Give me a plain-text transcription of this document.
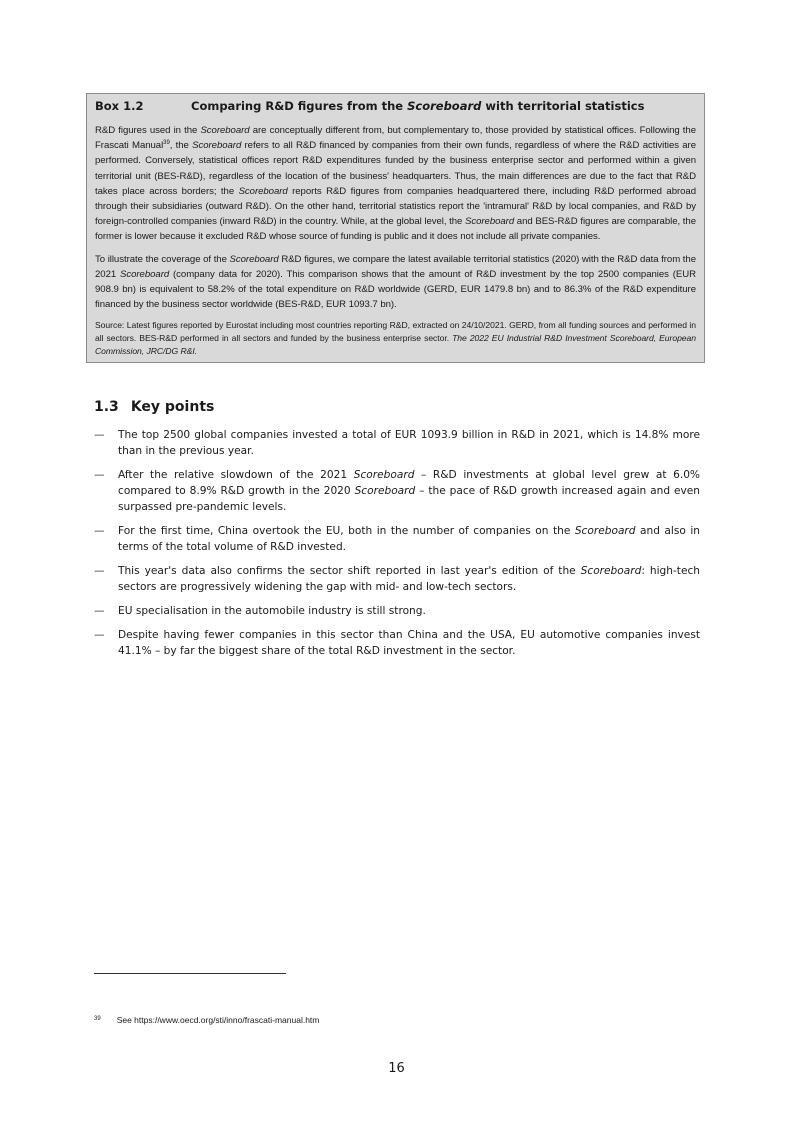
Box 1.2	Comparing R&D figures from the Scoreboard with territorial statistics

R&D figures used in the Scoreboard are conceptually different from, but complementary to, those provided by statistical offices. Following the Frascati Manual$^{39}$, the Scoreboard refers to all R&D financed by companies from their own funds, regardless of where the R&D activities are performed. Conversely, statistical offices report R&D expenditures funded by the business enterprise sector and performed within a given territorial unit (BES-R&D), regardless of the location of the business' headquarters. Thus, the main differences are due to the fact that R&D takes place across borders; the Scoreboard reports R&D figures from companies headquartered there, including R&D performed abroad through their subsidiaries (outward R&D). On the other hand, territorial statistics report the 'intramural' R&D by local companies, and R&D by foreign-controlled companies (inward R&D) in the country. While, at the global level, the Scoreboard and BES-R&D figures are comparable, the former is lower because it excluded R&D whose source of funding is public and it does not include all private companies.

To illustrate the coverage of the Scoreboard R&D figures, we compare the latest available territorial statistics (2020) with the R&D data from the 2021 Scoreboard (company data for 2020). This comparison shows that the amount of R&D investment by the top 2500 companies (EUR 908.9 bn) is equivalent to 58.2% of the total expenditure on R&D worldwide (GERD, EUR 1479.8 bn) and to 86.3% of the R&D expenditure financed by the business sector worldwide (BES-R&D, EUR 1093.7 bn).

Source: Latest figures reported by Eurostat including most countries reporting R&D, extracted on 24/10/2021. GERD, from all funding sources and performed in all sectors. BES-R&D performed in all sectors and funded by the business enterprise sector. The 2022 EU Industrial R&D Investment Scoreboard, European Commission, JRC/DG R&I.

1.3 Key points
—	The top 2500 global companies invested a total of EUR 1093.9 billion in R&D in 2021, which is 14.8% more than in the previous year.
—	After the relative slowdown of the 2021 Scoreboard – R&D investments at global level grew at 6.0% compared to 8.9% R&D growth in the 2020 Scoreboard – the pace of R&D growth increased again and even surpassed pre-pandemic levels.
—	For the first time, China overtook the EU, both in the number of companies on the Scoreboard and also in terms of the total volume of R&D invested.
—	This year's data also confirms the sector shift reported in last year's edition of the Scoreboard: high-tech sectors are progressively widening the gap with mid- and low-tech sectors.
—	EU specialisation in the automobile industry is still strong.
—	Despite having fewer companies in this sector than China and the USA, EU automotive companies invest 41.1% – by far the biggest share of the total R&D investment in the sector.
$^{39}$ See https://www.oecd.org/sti/inno/frascati-manual.htm
16
